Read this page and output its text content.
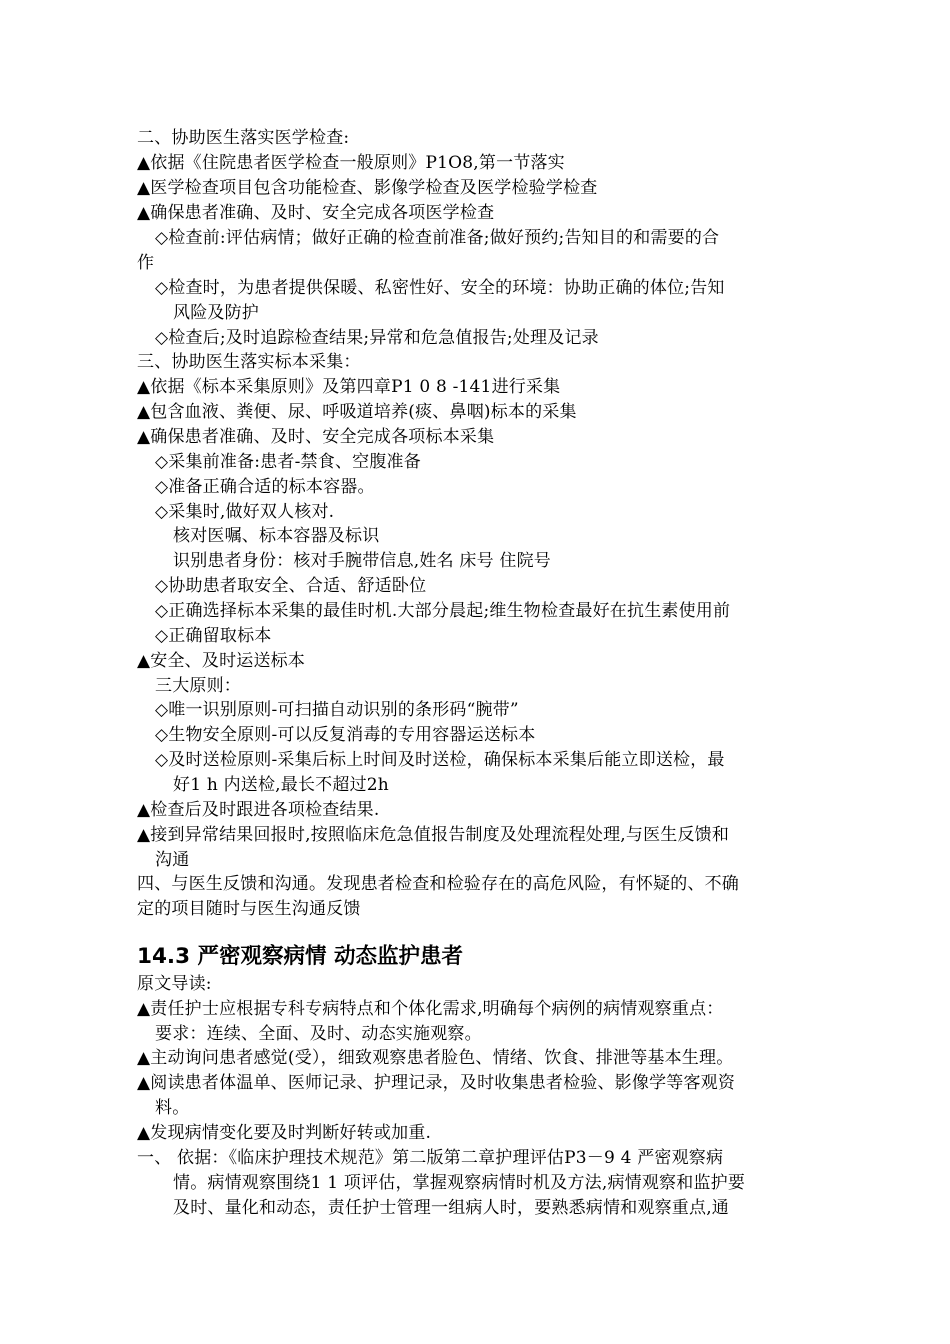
二、协助医生落实医学检查:
▲依据《住院患者医学检查一般原则》P1O8,第一节落实
▲医学检查项目包含功能检查、影像学检查及医学检验学检查
▲确保患者准确、及时、安全完成各项医学检查
◇检查前:评估病情；做好正确的检查前准备;做好预约;告知目的和需要的合
作
◇检查时，为患者提供保暖、私密性好、安全的环境：协助正确的体位;告知
风险及防护
◇检查后;及时追踪检查结果;异常和危急值报告;处理及记录
三、协助医生落实标本采集：
▲依据《标本采集原则》及第四章P1 0 8 -141进行采集
▲包含血液、粪便、尿、呼吸道培养(痰、鼻咽)标本的采集
▲确保患者准确、及时、安全完成各项标本采集
◇采集前准备:患者-禁食、空腹准备
◇准备正确合适的标本容器。
◇采集时,做好双人核对.
核对医嘱、标本容器及标识
识别患者身份：核对手腕带信息,姓名 床号 住院号
◇协助患者取安全、合适、舒适卧位
◇正确选择标本采集的最佳时机.大部分晨起;维生物检查最好在抗生素使用前
◇正确留取标本
▲安全、及时运送标本
三大原则：
◇唯一识别原则-可扫描自动识别的条形码“腕带”
◇生物安全原则-可以反复消毒的专用容器运送标本
◇及时送检原则-采集后标上时间及时送检，确保标本采集后能立即送检，最
好1 h 内送检,最长不超过2h
▲检查后及时跟进各项检查结果.
▲接到异常结果回报时,按照临床危急值报告制度及处理流程处理,与医生反馈和
沟通
四、与医生反馈和沟通。发现患者检查和检验存在的高危风险，有怀疑的、不确
定的项目随时与医生沟通反馈
14.3 严密观察病情 动态监护患者
原文导读:
▲责任护士应根据专科专病特点和个体化需求,明确每个病例的病情观察重点：
要求：连续、全面、及时、动态实施观察。
▲主动询问患者感觉(受），细致观察患者脸色、情绪、饮食、排泄等基本生理。
▲阅读患者体温单、医师记录、护理记录，及时收集患者检验、影像学等客观资
料。
▲发现病情变化要及时判断好转或加重.
一、 依据：《临床护理技术规范》第二版第二章护理评估P3－9 4 严密观察病
情。病情观察围绕1 1 项评估，掌握观察病情时机及方法,病情观察和监护要
及时、量化和动态，责任护士管理一组病人时，要熟悉病情和观察重点,通
